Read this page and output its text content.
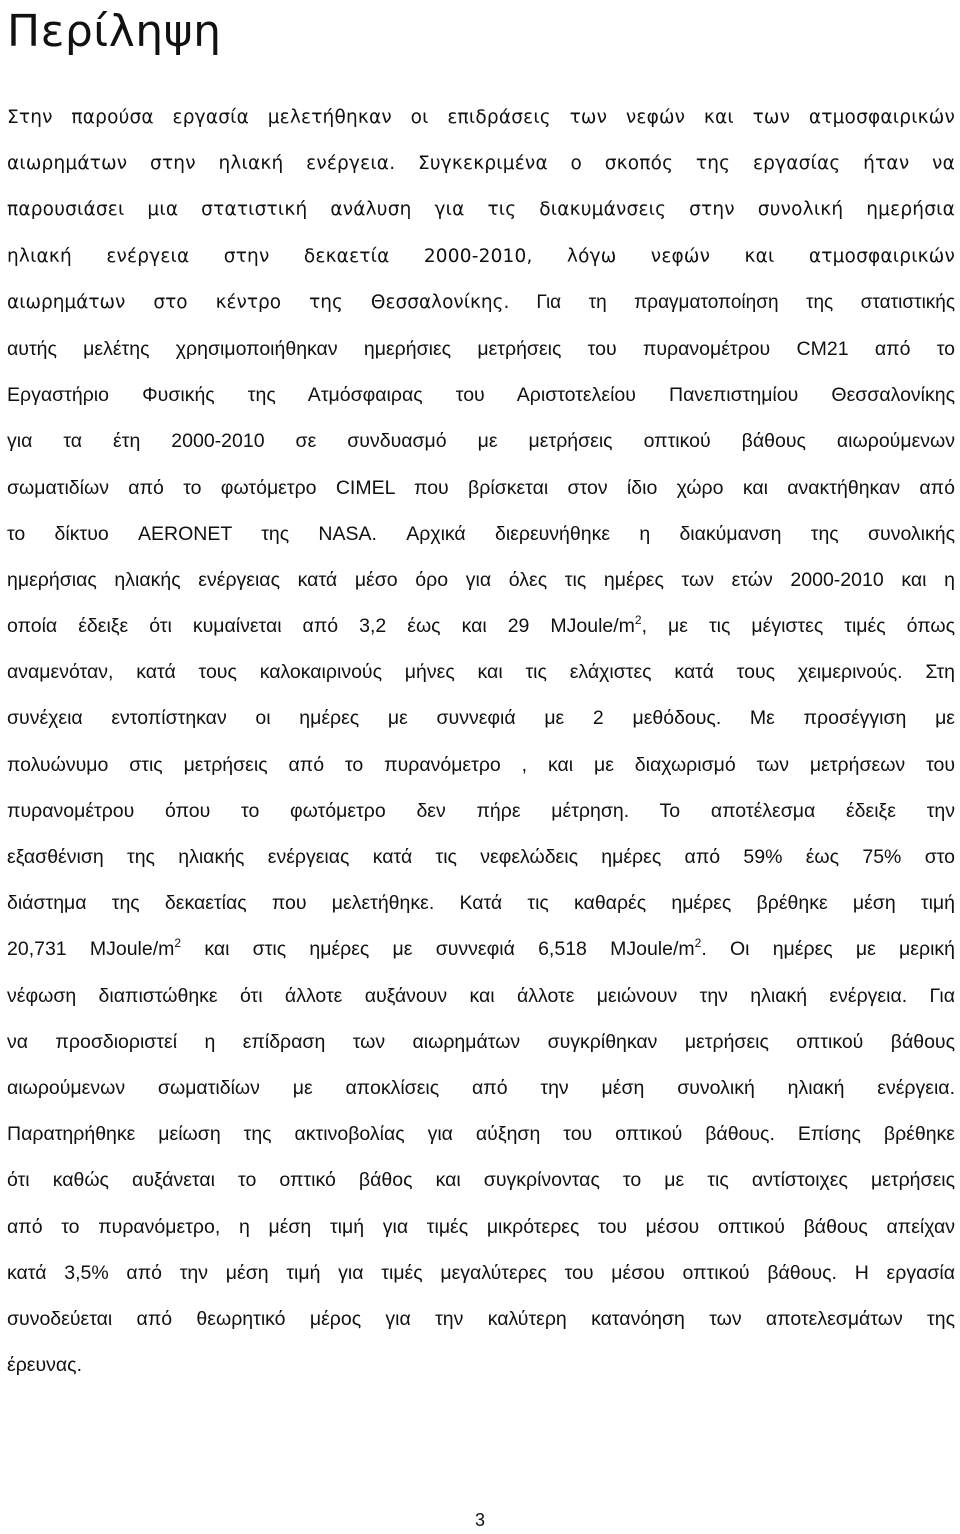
Περίληψη
Στην παρούσα εργασία μελετήθηκαν οι επιδράσεις των νεφών και των ατμοσφαιρικών
αιωρημάτων στην ηλιακή ενέργεια. Συγκεκριμένα ο σκοπός της εργασίας ήταν να
παρουσιάσει μια στατιστική ανάλυση για τις διακυμάνσεις στην συνολική ημερήσια
ηλιακή ενέργεια στην δεκαετία 2000-2010, λόγω νεφών και ατμοσφαιρικών
αιωρημάτων στο κέντρο της Θεσσαλονίκης. Για τη πραγματοποίηση της στατιστικής
αυτής μελέτης χρησιμοποιήθηκαν ημερήσιες μετρήσεις του πυρανομέτρου CM21 από το
Εργαστήριο Φυσικής της Ατμόσφαιρας του Αριστοτελείου Πανεπιστημίου Θεσσαλονίκης
για τα έτη 2000-2010 σε συνδυασμό με μετρήσεις οπτικού βάθους αιωρούμενων
σωματιδίων από το φωτόμετρο CIMEL που βρίσκεται στον ίδιο χώρο και ανακτήθηκαν από
το δίκτυο AERONET της NASA. Αρχικά διερευνήθηκε η διακύμανση της συνολικής
ημερήσιας ηλιακής ενέργειας κατά μέσο όρο για όλες τις ημέρες των ετών 2000-2010 και η
οποία έδειξε ότι κυμαίνεται από 3,2 έως και 29 MJoule/$m^2$, με τις μέγιστες τιμές όπως
αναμενόταν, κατά τους καλοκαιρινούς μήνες και τις ελάχιστες κατά τους χειμερινούς. Στη
συνέχεια εντοπίστηκαν οι ημέρες με συννεφιά με 2 μεθόδους. Με προσέγγιση με
πολυώνυμο στις μετρήσεις από το πυρανόμετρο , και με διαχωρισμό των μετρήσεων του
πυρανομέτρου όπου το φωτόμετρο δεν πήρε μέτρηση. Το αποτέλεσμα έδειξε την
εξασθένιση της ηλιακής ενέργειας κατά τις νεφελώδεις ημέρες από 59% έως 75% στο
διάστημα της δεκαετίας που μελετήθηκε. Κατά τις καθαρές ημέρες βρέθηκε μέση τιμή
20,731 MJoule/$m^2$ και στις ημέρες με συννεφιά 6,518 MJoule/$m^2$. Οι ημέρες με μερική
νέφωση διαπιστώθηκε ότι άλλοτε αυξάνουν και άλλοτε μειώνουν την ηλιακή ενέργεια. Για
να προσδιοριστεί η επίδραση των αιωρημάτων συγκρίθηκαν μετρήσεις οπτικού βάθους
αιωρούμενων σωματιδίων με αποκλίσεις από την μέση συνολική ηλιακή ενέργεια.
Παρατηρήθηκε μείωση της ακτινοβολίας για αύξηση του οπτικού βάθους. Επίσης βρέθηκε
ότι καθώς αυξάνεται το οπτικό βάθος και συγκρίνοντας το με τις αντίστοιχες μετρήσεις
από το πυρανόμετρο, η μέση τιμή για τιμές μικρότερες του μέσου οπτικού βάθους απείχαν
κατά 3,5% από την μέση τιμή για τιμές μεγαλύτερες του μέσου οπτικού βάθους. Η εργασία
συνοδεύεται από θεωρητικό μέρος για την καλύτερη κατανόηση των αποτελεσμάτων της
έρευνας.
3
